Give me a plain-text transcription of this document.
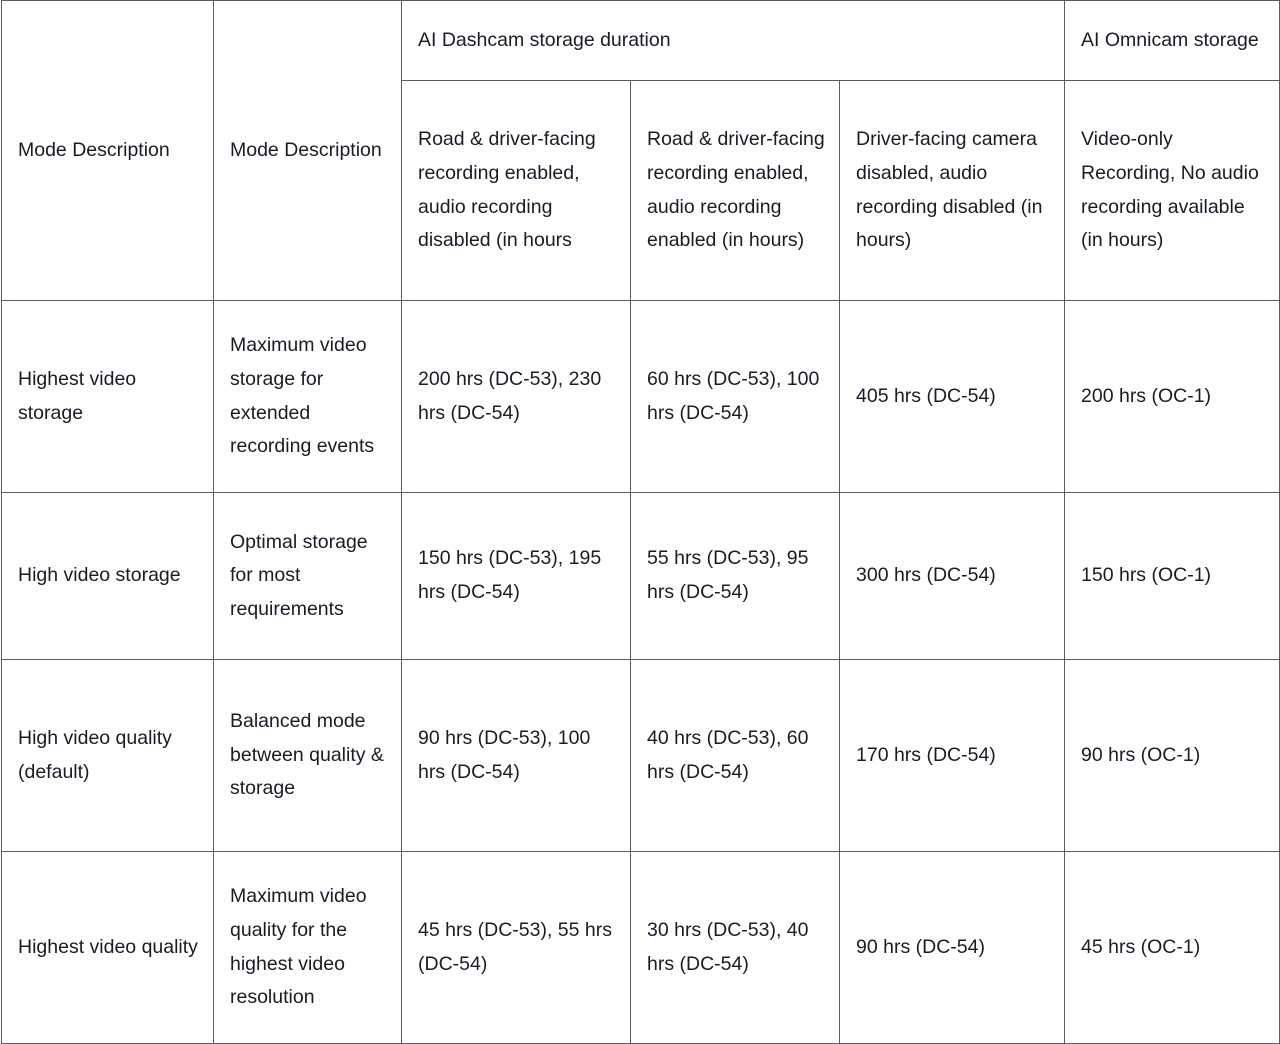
Mode Description	Mode Description	AI Dashcam storage duration			AI Omnicam storage
		Road & driver-facing recording enabled, audio recording disabled (in hours	Road & driver-facing recording enabled, audio recording enabled (in hours)	Driver-facing camera disabled, audio recording disabled (in hours)	Video-only Recording, No audio recording available (in hours)
Highest video storage	Maximum video storage for extended recording events	200 hrs (DC-53), 230 hrs (DC-54)	60 hrs (DC-53), 100 hrs (DC-54)	405 hrs (DC-54)	200 hrs (OC-1)
High video storage	Optimal storage for most requirements	150 hrs (DC-53), 195 hrs (DC-54)	55 hrs (DC-53), 95 hrs (DC-54)	300 hrs (DC-54)	150 hrs (OC-1)
High video quality (default)	Balanced mode between quality & storage	90 hrs (DC-53), 100 hrs (DC-54)	40 hrs (DC-53), 60 hrs (DC-54)	170 hrs (DC-54)	90 hrs (OC-1)
Highest video quality	Maximum video quality for the highest video resolution	45 hrs (DC-53), 55 hrs (DC-54)	30 hrs (DC-53), 40 hrs (DC-54)	90 hrs (DC-54)	45 hrs (OC-1)
